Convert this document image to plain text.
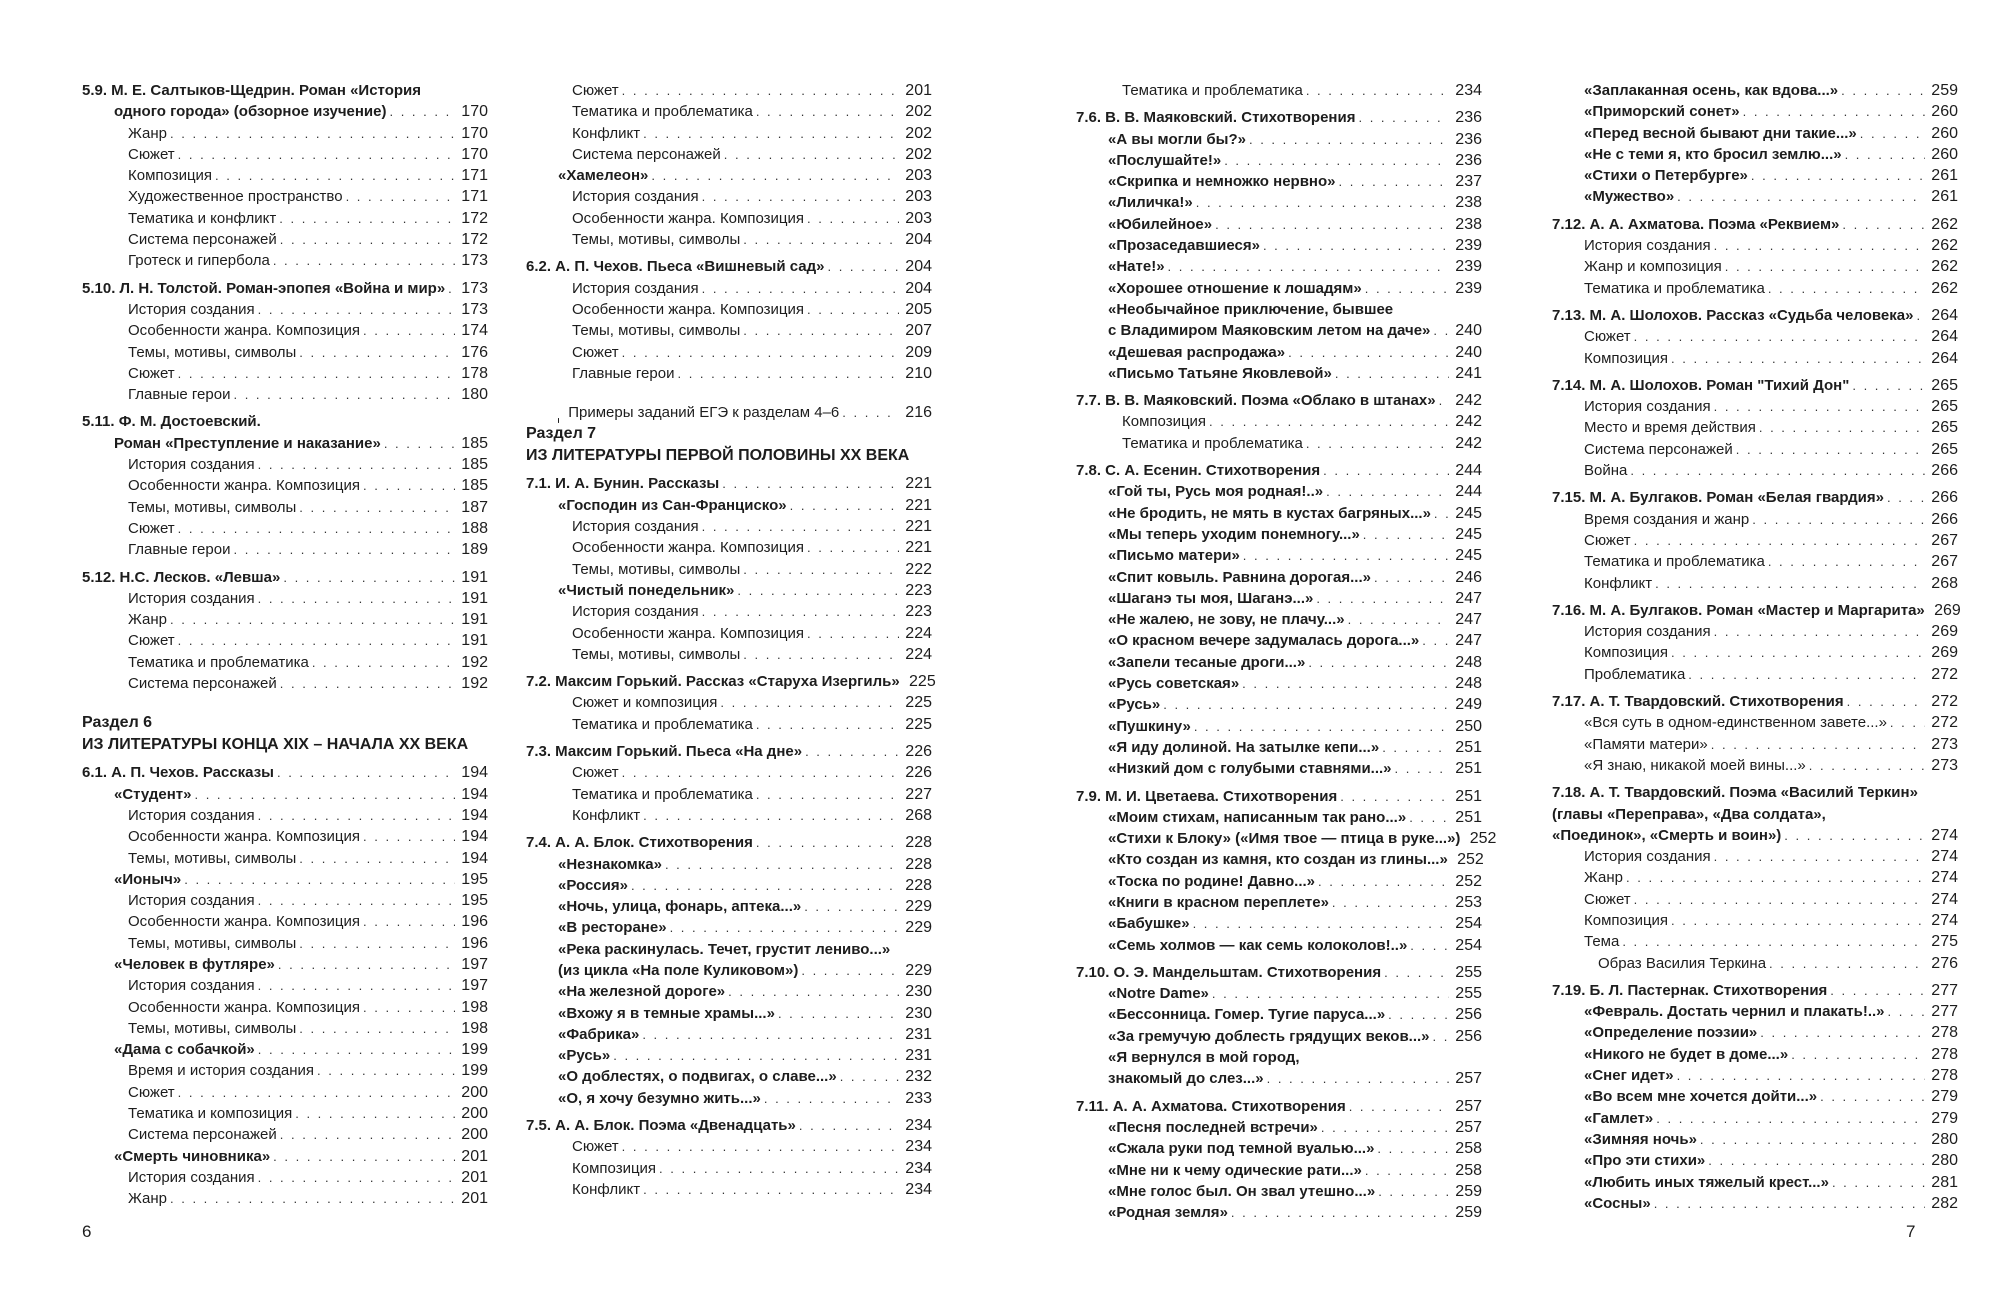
5.9. М. Е. Салтыков-Щедрин. Роман «История
одного города» (обзорное изучение) . . .	170
Жанр . . .	170
Сюжет . . .	170
Композиция . . .	171
Художественное пространство . . .	171
Тематика и конфликт . . .	172
Система персонажей . . .	172
Гротеск и гипербола . . .	173
5.10. Л. Н. Толстой. Роман-эпопея «Война и мир» . . . 173
История создания . . .	173
Особенности жанра. Композиция . . .	174
Темы, мотивы, символы . . .	176
Сюжет . . .	178
Главные герои . . .	180
5.11. Ф. М. Достоевский.
Роман «Преступление и наказание» . . .	185
История создания . . .	185
Особенности жанра. Композиция . . .	185
Темы, мотивы, символы . . .	187
Сюжет . . .	188
Главные герои . . .	189
5.12. Н.С. Лесков. «Левша» . . .	191
История создания . . .	191
Жанр . . .	191
Сюжет . . .	191
Тематика и проблематика . . .	192
Система персонажей . . .	192
Раздел 6
ИЗ ЛИТЕРАТУРЫ КОНЦА XIX – НАЧАЛА XX ВЕКА
6.1. А. П. Чехов. Рассказы . . .	194
«Студент» . . .	194
История создания . . .	194
Особенности жанра. Композиция . . .	194
Темы, мотивы, символы . . .	194
«Ионыч» . . .	195
История создания . . .	195
Особенности жанра. Композиция . . .	196
Темы, мотивы, символы . . .	196
«Человек в футляре» . . .	197
История создания . . .	197
Особенности жанра. Композиция . . .	198
Темы, мотивы, символы . . .	198
«Дама с собачкой» . . .	199
Время и история создания . . .	199
Сюжет . . .	200
Тематика и композиция . . .	200
Система персонажей . . .	200
«Смерть чиновника» . . .	201
История создания . . .	201
Жанр . . .	201
Сюжет . . .	201
Тематика и проблематика . . .	202
Конфликт . . .	202
Система персонажей . . .	202
«Хамелеон» . . .	203
История создания . . .	203
Особенности жанра. Композиция . . .	203
Темы, мотивы, символы . . .	204
6.2. А. П. Чехов. Пьеса «Вишневый сад» . . .	204
История создания . . .	204
Особенности жанра. Композиция . . .	205
Темы, мотивы, символы . . .	207
Сюжет . . .	209
Главные герои . . .	210
Примеры заданий ЕГЭ к разделам 4–6 . . .	216
Раздел 7
ИЗ ЛИТЕРАТУРЫ ПЕРВОЙ ПОЛОВИНЫ XX ВЕКА
7.1. И. А. Бунин. Рассказы . . .	221
«Господин из Сан-Франциско» . . .	221
История создания . . .	221
Особенности жанра. Композиция . . .	221
Темы, мотивы, символы . . .	222
«Чистый понедельник» . . .	223
История создания . . .	223
Особенности жанра. Композиция . . .	224
Темы, мотивы, символы . . .	224
7.2. Максим Горький. Рассказ «Старуха Изергиль» 225
Сюжет и композиция . . .	225
Тематика и проблематика . . .	225
7.3. Максим Горький. Пьеса «На дне» . . .	226
Сюжет . . .	226
Тематика и проблематика . . .	227
Конфликт . . .	268
7.4. А. А. Блок. Стихотворения . . .	228
«Незнакомка» . . .	228
«Россия» . . .	228
«Ночь, улица, фонарь, аптека...» . . .	229
«В ресторане» . . .	229
«Река раскинулась. Течет, грустит лениво...»
(из цикла «На поле Куликовом») . . .	229
«На железной дороге» . . .	230
«Вхожу я в темные храмы...» . . .	230
«Фабрика» . . .	231
«Русь» . . .	231
«О доблестях, о подвигах, о славе...» . . .	232
«О, я хочу безумно жить...» . . .	233
7.5. А. А. Блок. Поэма «Двенадцать» . . .	234
Сюжет . . .	234
Композиция . . .	234
Конфликт . . .	234
Тематика и проблематика . . .	234
7.6. В. В. Маяковский. Стихотворения . . .	236
«А вы могли бы?» . . .	236
«Послушайте!» . . .	236
«Скрипка и немножко нервно» . . .	237
«Лиличка!» . . .	238
«Юбилейное» . . .	238
«Прозаседавшиеся» . . .	239
«Нате!» . . .	239
«Хорошее отношение к лошадям» . . .	239
«Необычайное приключение, бывшее
с Владимиром Маяковским летом на даче» . . . 240
«Дешевая распродажа» . . .	240
«Письмо Татьяне Яковлевой» . . .	241
7.7. В. В. Маяковский. Поэма «Облако в штанах» . . . 242
Композиция . . .	242
Тематика и проблематика . . .	242
7.8. С. А. Есенин. Стихотворения . . .	244
«Гой ты, Русь моя родная!..» . . .	244
«Не бродить, не мять в кустах багряных...» . . . 245
«Мы теперь уходим понемногу...» . . .	245
«Письмо матери» . . .	245
«Спит ковыль. Равнина дорогая...» . . .	246
«Шаганэ ты моя, Шаганэ...» . . .	247
«Не жалею, не зову, не плачу...» . . .	247
«О красном вечере задумалась дорога...» . . . 247
«Запели тесаные дроги...» . . .	248
«Русь советская» . . .	248
«Русь» . . .	249
«Пушкину» . . .	250
«Я иду долиной. На затылке кепи...» . . .	251
«Низкий дом с голубыми ставнями...» . . .	251
7.9. М. И. Цветаева. Стихотворения . . .	251
«Моим стихам, написанным так рано...» . . .	251
«Стихи к Блоку» («Имя твое — птица в руке...») 252
«Кто создан из камня, кто создан из глины...» 252
«Тоска по родине! Давно...» . . .	252
«Книги в красном переплете» . . .	253
«Бабушке» . . .	254
«Семь холмов — как семь колоколов!..» . . .	254
7.10. О. Э. Мандельштам. Стихотворения . . .	255
«Notre Dame» . . .	255
«Бессонница. Гомер. Тугие паруса...» . . .	256
«За гремучую доблесть грядущих веков...» . . . 256
«Я вернулся в мой город,
знакомый до слез...» . . .	257
7.11. А. А. Ахматова. Стихотворения . . .	257
«Песня последней встречи» . . .	257
«Сжала руки под темной вуалью...» . . .	258
«Мне ни к чему одические рати...» . . .	258
«Мне голос был. Он звал утешно...» . . .	259
«Родная земля» . . .	259
«Заплаканная осень, как вдова...» . . .	259
«Приморский сонет» . . .	260
«Перед весной бывают дни такие...» . . .	260
«Не с теми я, кто бросил землю...» . . .	260
«Стихи о Петербурге» . . .	261
«Мужество» . . .	261
7.12. А. А. Ахматова. Поэма «Реквием» . . .	262
История создания . . .	262
Жанр и композиция . . .	262
Тематика и проблематика . . .	262
7.13. М. А. Шолохов. Рассказ «Судьба человека» . . . 264
Сюжет . . .	264
Композиция . . .	264
7.14. М. А. Шолохов. Роман "Тихий Дон" . . .	265
История создания . . .	265
Место и время действия . . .	265
Система персонажей . . .	265
Война . . .	266
7.15. М. А. Булгаков. Роман «Белая гвардия» . . .	266
Время создания и жанр . . .	266
Сюжет . . .	267
Тематика и проблематика . . .	267
Конфликт . . .	268
7.16. М. А. Булгаков. Роман «Мастер и Маргарита» 269
История создания . . .	269
Композиция . . .	269
Проблематика . . .	272
7.17. А. Т. Твардовский. Стихотворения . . .	272
«Вся суть в одном-единственном завете...» . . .	272
«Памяти матери» . . .	273
«Я знаю, никакой моей вины...» . . .	273
7.18. А. Т. Твардовский. Поэма «Василий Теркин»
(главы «Переправа», «Два солдата»,
«Поединок», «Смерть и воин») . . .	274
История создания . . .	274
Жанр . . .	274
Сюжет . . .	274
Композиция . . .	274
Тема . . .	275
Образ Василия Теркина . . .	276
7.19. Б. Л. Пастернак. Стихотворения . . .	277
«Февраль. Достать чернил и плакать!..» . . .	277
«Определение поэзии» . . .	278
«Никого не будет в доме...» . . .	278
«Снег идет» . . .	278
«Во всем мне хочется дойти...» . . .	279
«Гамлет» . . .	279
«Зимняя ночь» . . .	280
«Про эти стихи» . . .	280
«Любить иных тяжелый крест...» . . .	281
«Сосны» . . .	282
6	7
